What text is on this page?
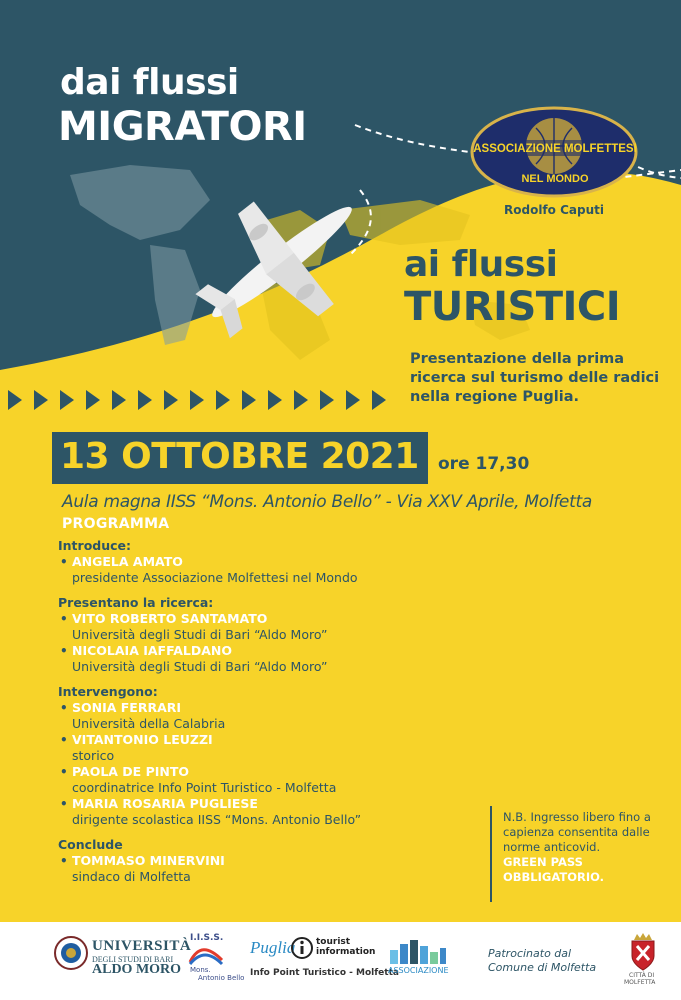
dai flussi
MIGRATORI
ai flussi
TURISTICI
ASSOCIAZIONE MOLFETTESI
NEL MONDO
Rodolfo Caputi
Presentazione della prima ricerca sul turismo delle radici nella regione Puglia.
13 OTTOBRE 2021 ore 17,30
Aula magna IISS “Mons. Antonio Bello” - Via XXV Aprile, Molfetta
PROGRAMMA
Introduce:
• ANGELA AMATO
presidente Associazione Molfettesi nel Mondo
Presentano la ricerca:
• VITO ROBERTO SANTAMATO
Università degli Studi di Bari “Aldo Moro”
• NICOLAIA IAFFALDANO
Università degli Studi di Bari “Aldo Moro”
Intervengono:
• SONIA FERRARI
Università della Calabria
• VITANTONIO LEUZZI
storico
• PAOLA DE PINTO
coordinatrice Info Point Turistico - Molfetta
• MARIA ROSARIA PUGLIESE
dirigente scolastica IISS “Mons. Antonio Bello”
Conclude
• TOMMASO MINERVINI
sindaco di Molfetta
N.B. Ingresso libero fino a capienza consentita dalle norme anticovid.
GREEN PASS OBBLIGATORIO.
UNIVERSITÀ
DEGLI STUDI DI BARI
ALDO MORO
I.I.S.S.
Mons.
Antonio Bello
Puglia tourist
information
Info Point Turistico - Molfetta
ASSOCIAZIONE
Patrocinato dal
Comune di Molfetta
CITTÀ DI
MOLFETTA
